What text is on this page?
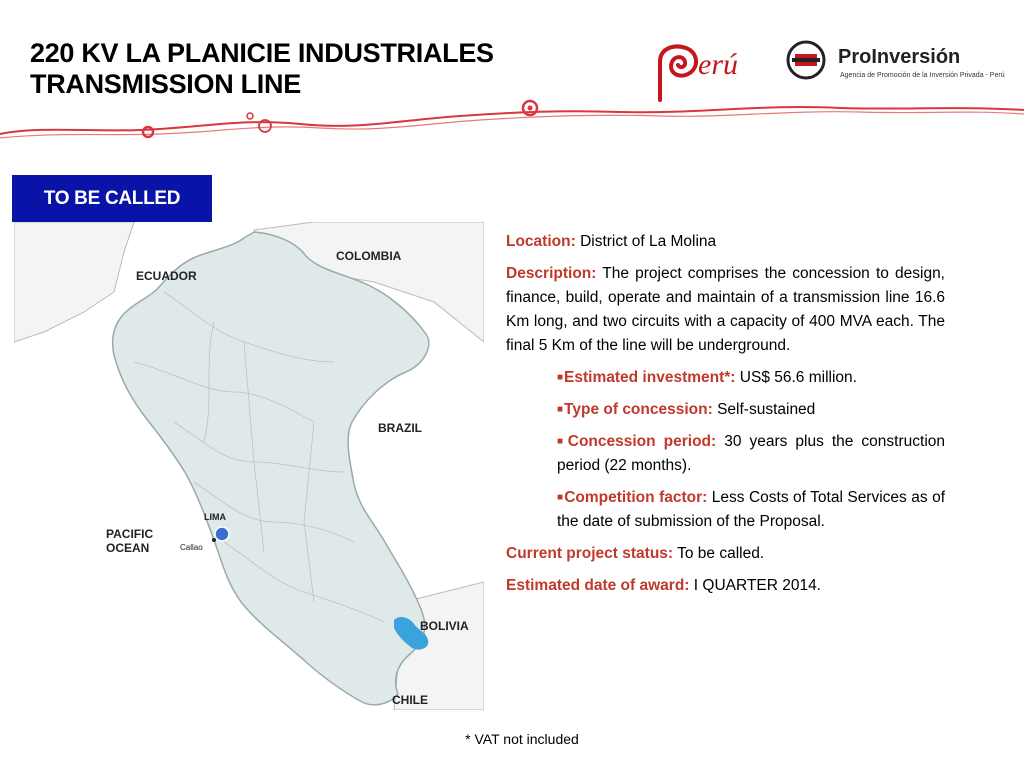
220 KV LA PLANICIE INDUSTRIALES
TRANSMISSION LINE
erú	ProInversión
Agencia de Promoción de la Inversión Privada - Perú
TO BE CALLED
COLOMBIA
ECUADOR
BRAZIL
LIMA
PACIFIC
OCEAN	Callao
BOLIVIA
CHILE

Location: District of La Molina

Description: The project comprises the concession to design, finance, build, operate and maintain of a transmission line 16.6 Km long, and two circuits with a capacity of 400 MVA each. The final 5 Km of the line will be underground.

■Estimated investment*: US$ 56.6 million.

■Type of concession: Self-sustained

■Concession period: 30 years plus the construction period (22 months).

■Competition factor: Less Costs of Total Services as of the date of submission of the Proposal.

Current project status: To be called.

Estimated date of award: I QUARTER 2014.

* VAT not included
